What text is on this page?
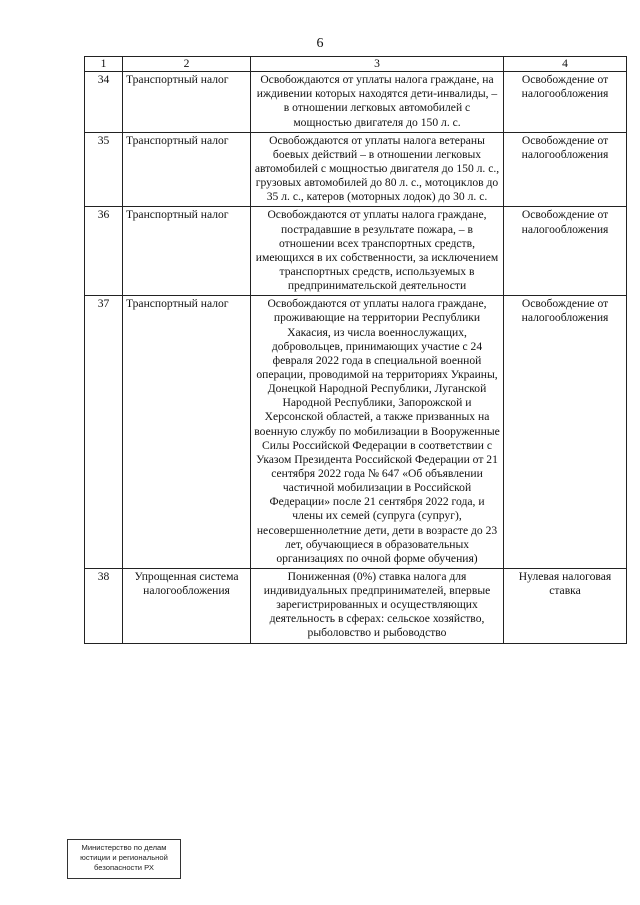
6
1	2	3	4
34	Транспортный налог	Освобождаются от уплаты налога граждане, на иждивении которых находятся дети-инвалиды, – в отношении легковых автомобилей с мощностью двигателя до 150 л. с.	Освобождение от налогообложения
35	Транспортный налог	Освобождаются от уплаты налога ветераны боевых действий – в отношении легковых автомобилей с мощностью двигателя до 150 л. с., грузовых автомобилей до 80 л. с., мотоциклов до 35 л. с., катеров (моторных лодок) до 30 л. с.	Освобождение от налогообложения
36	Транспортный налог	Освобождаются от уплаты налога граждане, пострадавшие в результате пожара, – в отношении всех транспортных средств, имеющихся в их собственности, за исключением транспортных средств, используемых в предпринимательской деятельности	Освобождение от налогообложения
37	Транспортный налог	Освобождаются от уплаты налога граждане, проживающие на территории Республики Хакасия, из числа военнослужащих, добровольцев, принимающих участие с 24 февраля 2022 года в специальной военной операции, проводимой на территориях Украины, Донецкой Народной Республики, Луганской Народной Республики, Запорожской и Херсонской областей, а также призванных на военную службу по мобилизации в Вооруженные Силы Российской Федерации в соответствии с Указом Президента Российской Федерации от 21 сентября 2022 года № 647 «Об объявлении частичной мобилизации в Российской Федерации» после 21 сентября 2022 года, и члены их семей (супруга (супруг), несовершеннолетние дети, дети в возрасте до 23 лет, обучающиеся в образовательных организациях по очной форме обучения)	Освобождение от налогообложения
38	Упрощенная система налогообложения	Пониженная (0%) ставка налога для индивидуальных предпринимателей, впервые зарегистрированных и осуществляющих деятельность в сферах: сельское хозяйство, рыболовство и рыбоводство	Нулевая налоговая ставка
Министерство по делам
юстиции и региональной
безопасности РХ
